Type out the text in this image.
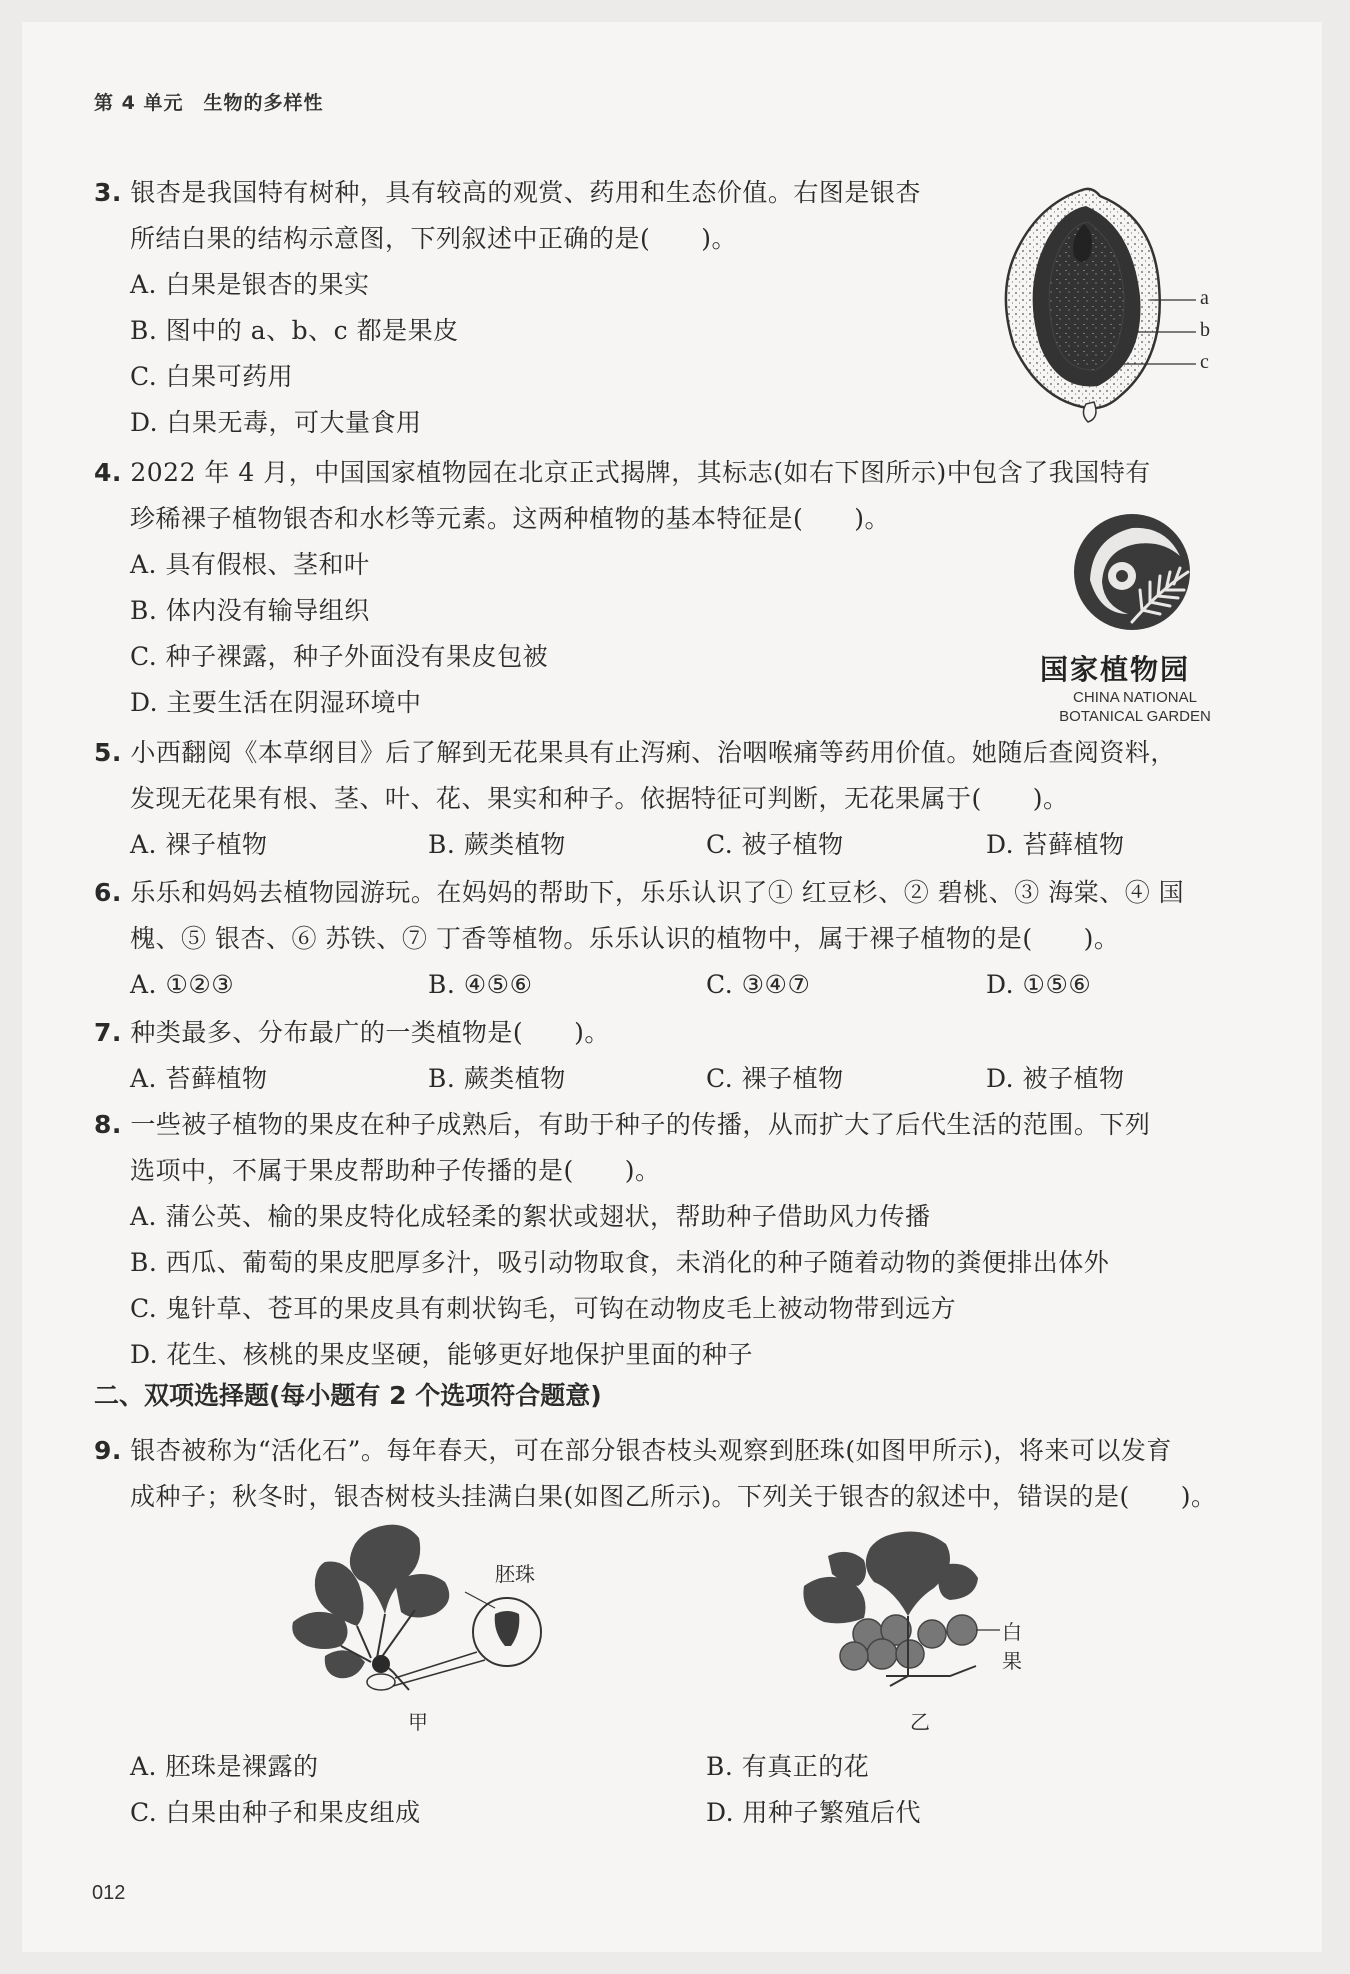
第 4 单元 生物的多样性
3. 银杏是我国特有树种，具有较高的观赏、药用和生态价值。右图是银杏
所结白果的结构示意图，下列叙述中正确的是(　　)。
A. 白果是银杏的果实
B. 图中的 a、b、c 都是果皮
C. 白果可药用
D. 白果无毒，可大量食用
a
b
c
4. 2022 年 4 月，中国国家植物园在北京正式揭牌，其标志(如右下图所示)中包含了我国特有
珍稀裸子植物银杏和水杉等元素。这两种植物的基本特征是(　　)。
A. 具有假根、茎和叶
B. 体内没有输导组织
C. 种子裸露，种子外面没有果皮包被
D. 主要生活在阴湿环境中
国家植物园
CHINA NATIONAL
BOTANICAL GARDEN
5. 小西翻阅《本草纲目》后了解到无花果具有止泻痢、治咽喉痛等药用价值。她随后查阅资料，
发现无花果有根、茎、叶、花、果实和种子。依据特征可判断，无花果属于(　　)。
A. 裸子植物	B. 蕨类植物	C. 被子植物	D. 苔藓植物
6. 乐乐和妈妈去植物园游玩。在妈妈的帮助下，乐乐认识了① 红豆杉、② 碧桃、③ 海棠、④ 国
槐、⑤ 银杏、⑥ 苏铁、⑦ 丁香等植物。乐乐认识的植物中，属于裸子植物的是(　　)。
A. ①②③	B. ④⑤⑥	C. ③④⑦	D. ①⑤⑥
7. 种类最多、分布最广的一类植物是(　　)。
A. 苔藓植物	B. 蕨类植物	C. 裸子植物	D. 被子植物
8. 一些被子植物的果皮在种子成熟后，有助于种子的传播，从而扩大了后代生活的范围。下列
选项中，不属于果皮帮助种子传播的是(　　)。
A. 蒲公英、榆的果皮特化成轻柔的絮状或翅状，帮助种子借助风力传播
B. 西瓜、葡萄的果皮肥厚多汁，吸引动物取食，未消化的种子随着动物的粪便排出体外
C. 鬼针草、苍耳的果皮具有刺状钩毛，可钩在动物皮毛上被动物带到远方
D. 花生、核桃的果皮坚硬，能够更好地保护里面的种子
二、双项选择题(每小题有 2 个选项符合题意)
9. 银杏被称为“活化石”。每年春天，可在部分银杏枝头观察到胚珠(如图甲所示)，将来可以发育
成种子；秋冬时，银杏树枝头挂满白果(如图乙所示)。下列关于银杏的叙述中，错误的是(　　)。
胚珠
甲
白果
乙
A. 胚珠是裸露的	B. 有真正的花
C. 白果由种子和果皮组成	D. 用种子繁殖后代
012
